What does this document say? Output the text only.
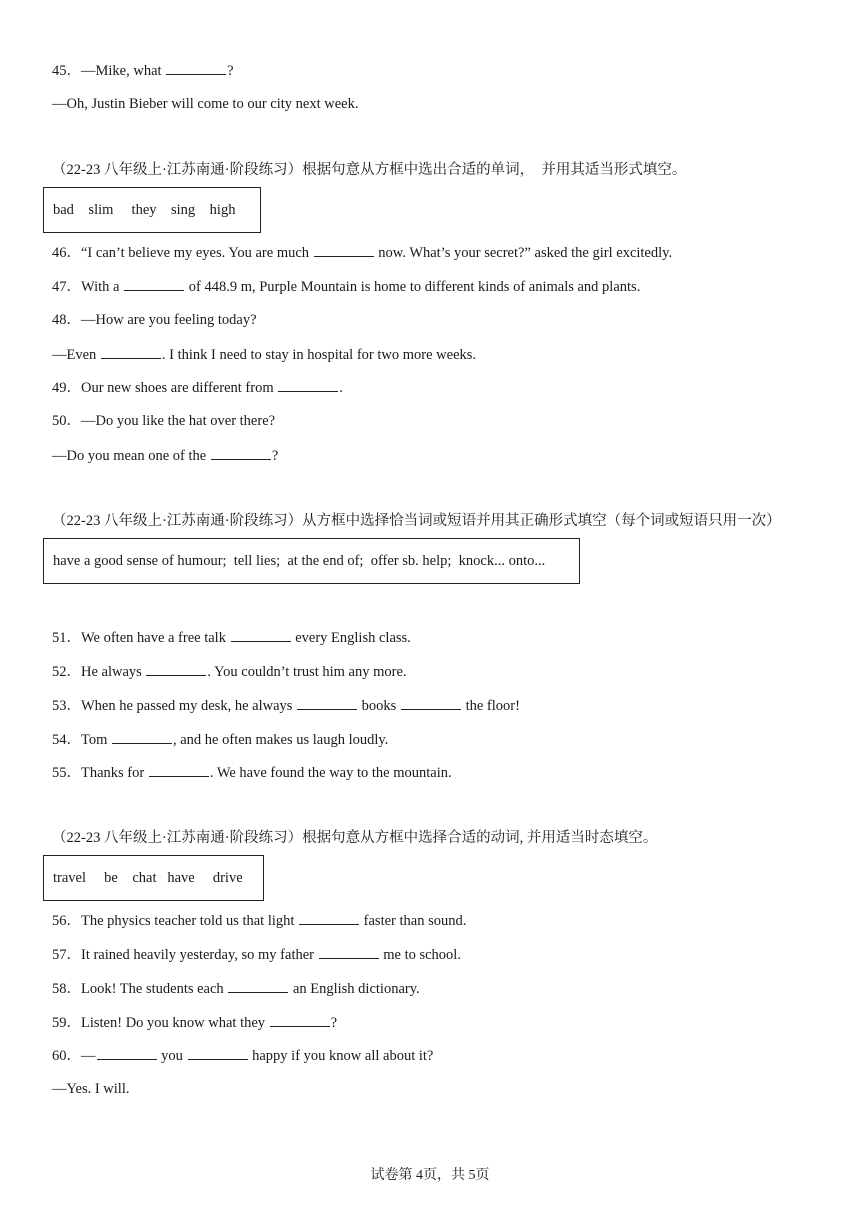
45．—Mike, what	?
—Oh, Justin Bieber will come to our city next week.
（22-23 八年级上·江苏南通·阶段练习）根据句意从方框中选出合适的单词，  并用其适当形式填空。
bad    slim     they    sing    high
46．“I can’t believe my eyes. You are much	now. What’s your secret?” asked the girl excitedly.
47．With a	of 448.9 m, Purple Mountain is home to different kinds of animals and plants.
48．—How are you feeling today?
—Even	. I think I need to stay in hospital for two more weeks.
49．Our new shoes are different from	.
50．—Do you like the hat over there?
—Do you mean one of the	?
（22-23 八年级上·江苏南通·阶段练习）从方框中选择恰当词或短语并用其正确形式填空（每个词或短语只用一次）
have a good sense of humour;  tell lies;  at the end of;  offer sb. help;  knock... onto...
51．We often have a free talk	every English class.
52．He always	. You couldn’t trust him any more.
53．When he passed my desk, he always	books	the floor!
54．Tom	, and he often makes us laugh loudly.
55．Thanks for	. We have found the way to the mountain.
（22-23 八年级上·江苏南通·阶段练习）根据句意从方框中选择合适的动词, 并用适当时态填空。
travel     be    chat   have     drive
56．The physics teacher told us that light	faster than sound.
57．It rained heavily yesterday, so my father	me to school.
58．Look! The students each	an English dictionary.
59．Listen! Do you know what they	?
60．—	you	happy if you know all about it?
—Yes. I will.
试卷第 4页，共 5页
